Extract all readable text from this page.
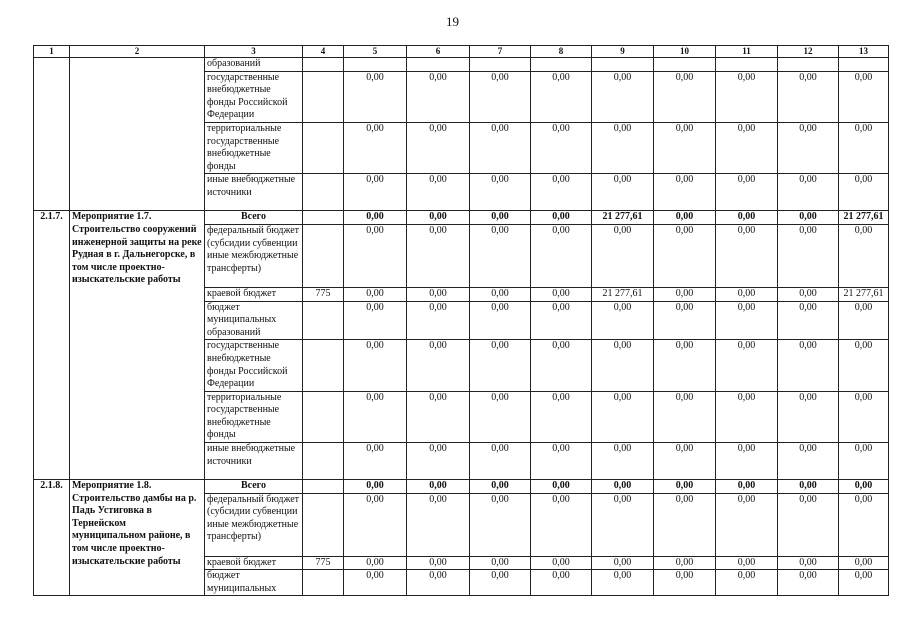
19
1	2	3	4	5	6	7	8	9	10	11	12	13
		образований										
		государственные внебюджетные фонды Российской Федерации		0,00	0,00	0,00	0,00	0,00	0,00	0,00	0,00	0,00
		территориальные государственные внебюджетные фонды		0,00	0,00	0,00	0,00	0,00	0,00	0,00	0,00	0,00
		иные внебюджетные источники		0,00	0,00	0,00	0,00	0,00	0,00	0,00	0,00	0,00
2.1.7.	Мероприятие 1.7. Строительство сооружений инженерной защиты на реке Рудная в г. Дальнегорске, в том числе проектно-изыскательские работы	Всего		0,00	0,00	0,00	0,00	21 277,61	0,00	0,00	0,00	21 277,61
		федеральный бюджет (субсидии субвенции иные межбюджетные трансферты)		0,00	0,00	0,00	0,00	0,00	0,00	0,00	0,00	0,00
		краевой бюджет	775	0,00	0,00	0,00	0,00	21 277,61	0,00	0,00	0,00	21 277,61
		бюджет муниципальных образований		0,00	0,00	0,00	0,00	0,00	0,00	0,00	0,00	0,00
		государственные внебюджетные фонды Российской Федерации		0,00	0,00	0,00	0,00	0,00	0,00	0,00	0,00	0,00
		территориальные государственные внебюджетные фонды		0,00	0,00	0,00	0,00	0,00	0,00	0,00	0,00	0,00
		иные внебюджетные источники		0,00	0,00	0,00	0,00	0,00	0,00	0,00	0,00	0,00
2.1.8.	Мероприятие 1.8. Строительство дамбы на р. Падь Устиговка в Тернейском муниципальном районе, в том числе проектно-изыскательские работы	Всего		0,00	0,00	0,00	0,00	0,00	0,00	0,00	0,00	0,00
		федеральный бюджет (субсидии субвенции иные межбюджетные трансферты)		0,00	0,00	0,00	0,00	0,00	0,00	0,00	0,00	0,00
		краевой бюджет	775	0,00	0,00	0,00	0,00	0,00	0,00	0,00	0,00	0,00
		бюджет муниципальных		0,00	0,00	0,00	0,00	0,00	0,00	0,00	0,00	0,00
